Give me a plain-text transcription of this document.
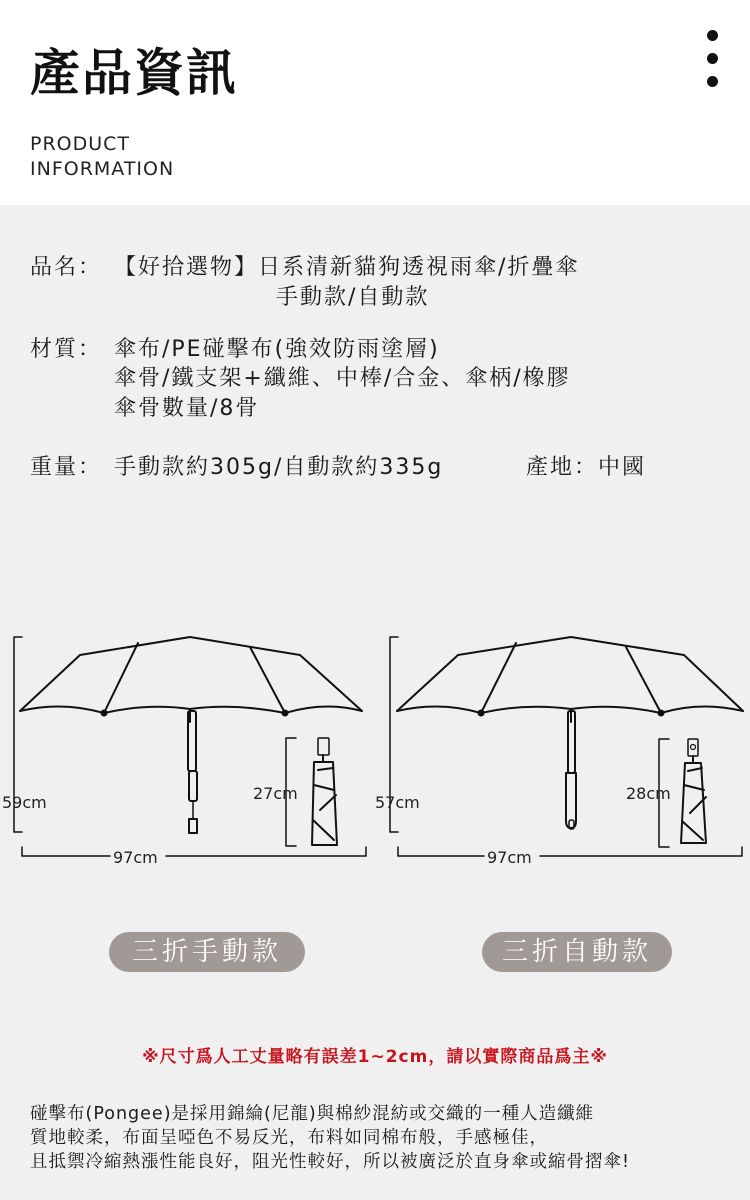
產品資訊
PRODUCT
INFORMATION
品名： 【好拾選物】日系清新貓狗透視雨傘/折疊傘
手動款/自動款
材質： 傘布/PE碰擊布(強效防雨塗層)
傘骨/鐵支架+纖維、中棒/合金、傘柄/橡膠
傘骨數量/8骨
重量： 手動款約305g/自動款約335g	產地：中國
59cm
97cm
27cm	57cm
97cm
28cm
三折手動款	三折自動款
※尺寸爲人工丈量略有誤差1~2cm，請以實際商品爲主※
碰擊布(Pongee)是採用錦綸(尼龍)與棉紗混紡或交織的一種人造纖維
質地較柔，布面呈啞色不易反光，布料如同棉布般，手感極佳，
且抵禦冷縮熱漲性能良好，阻光性較好，所以被廣泛於直身傘或縮骨摺傘!
